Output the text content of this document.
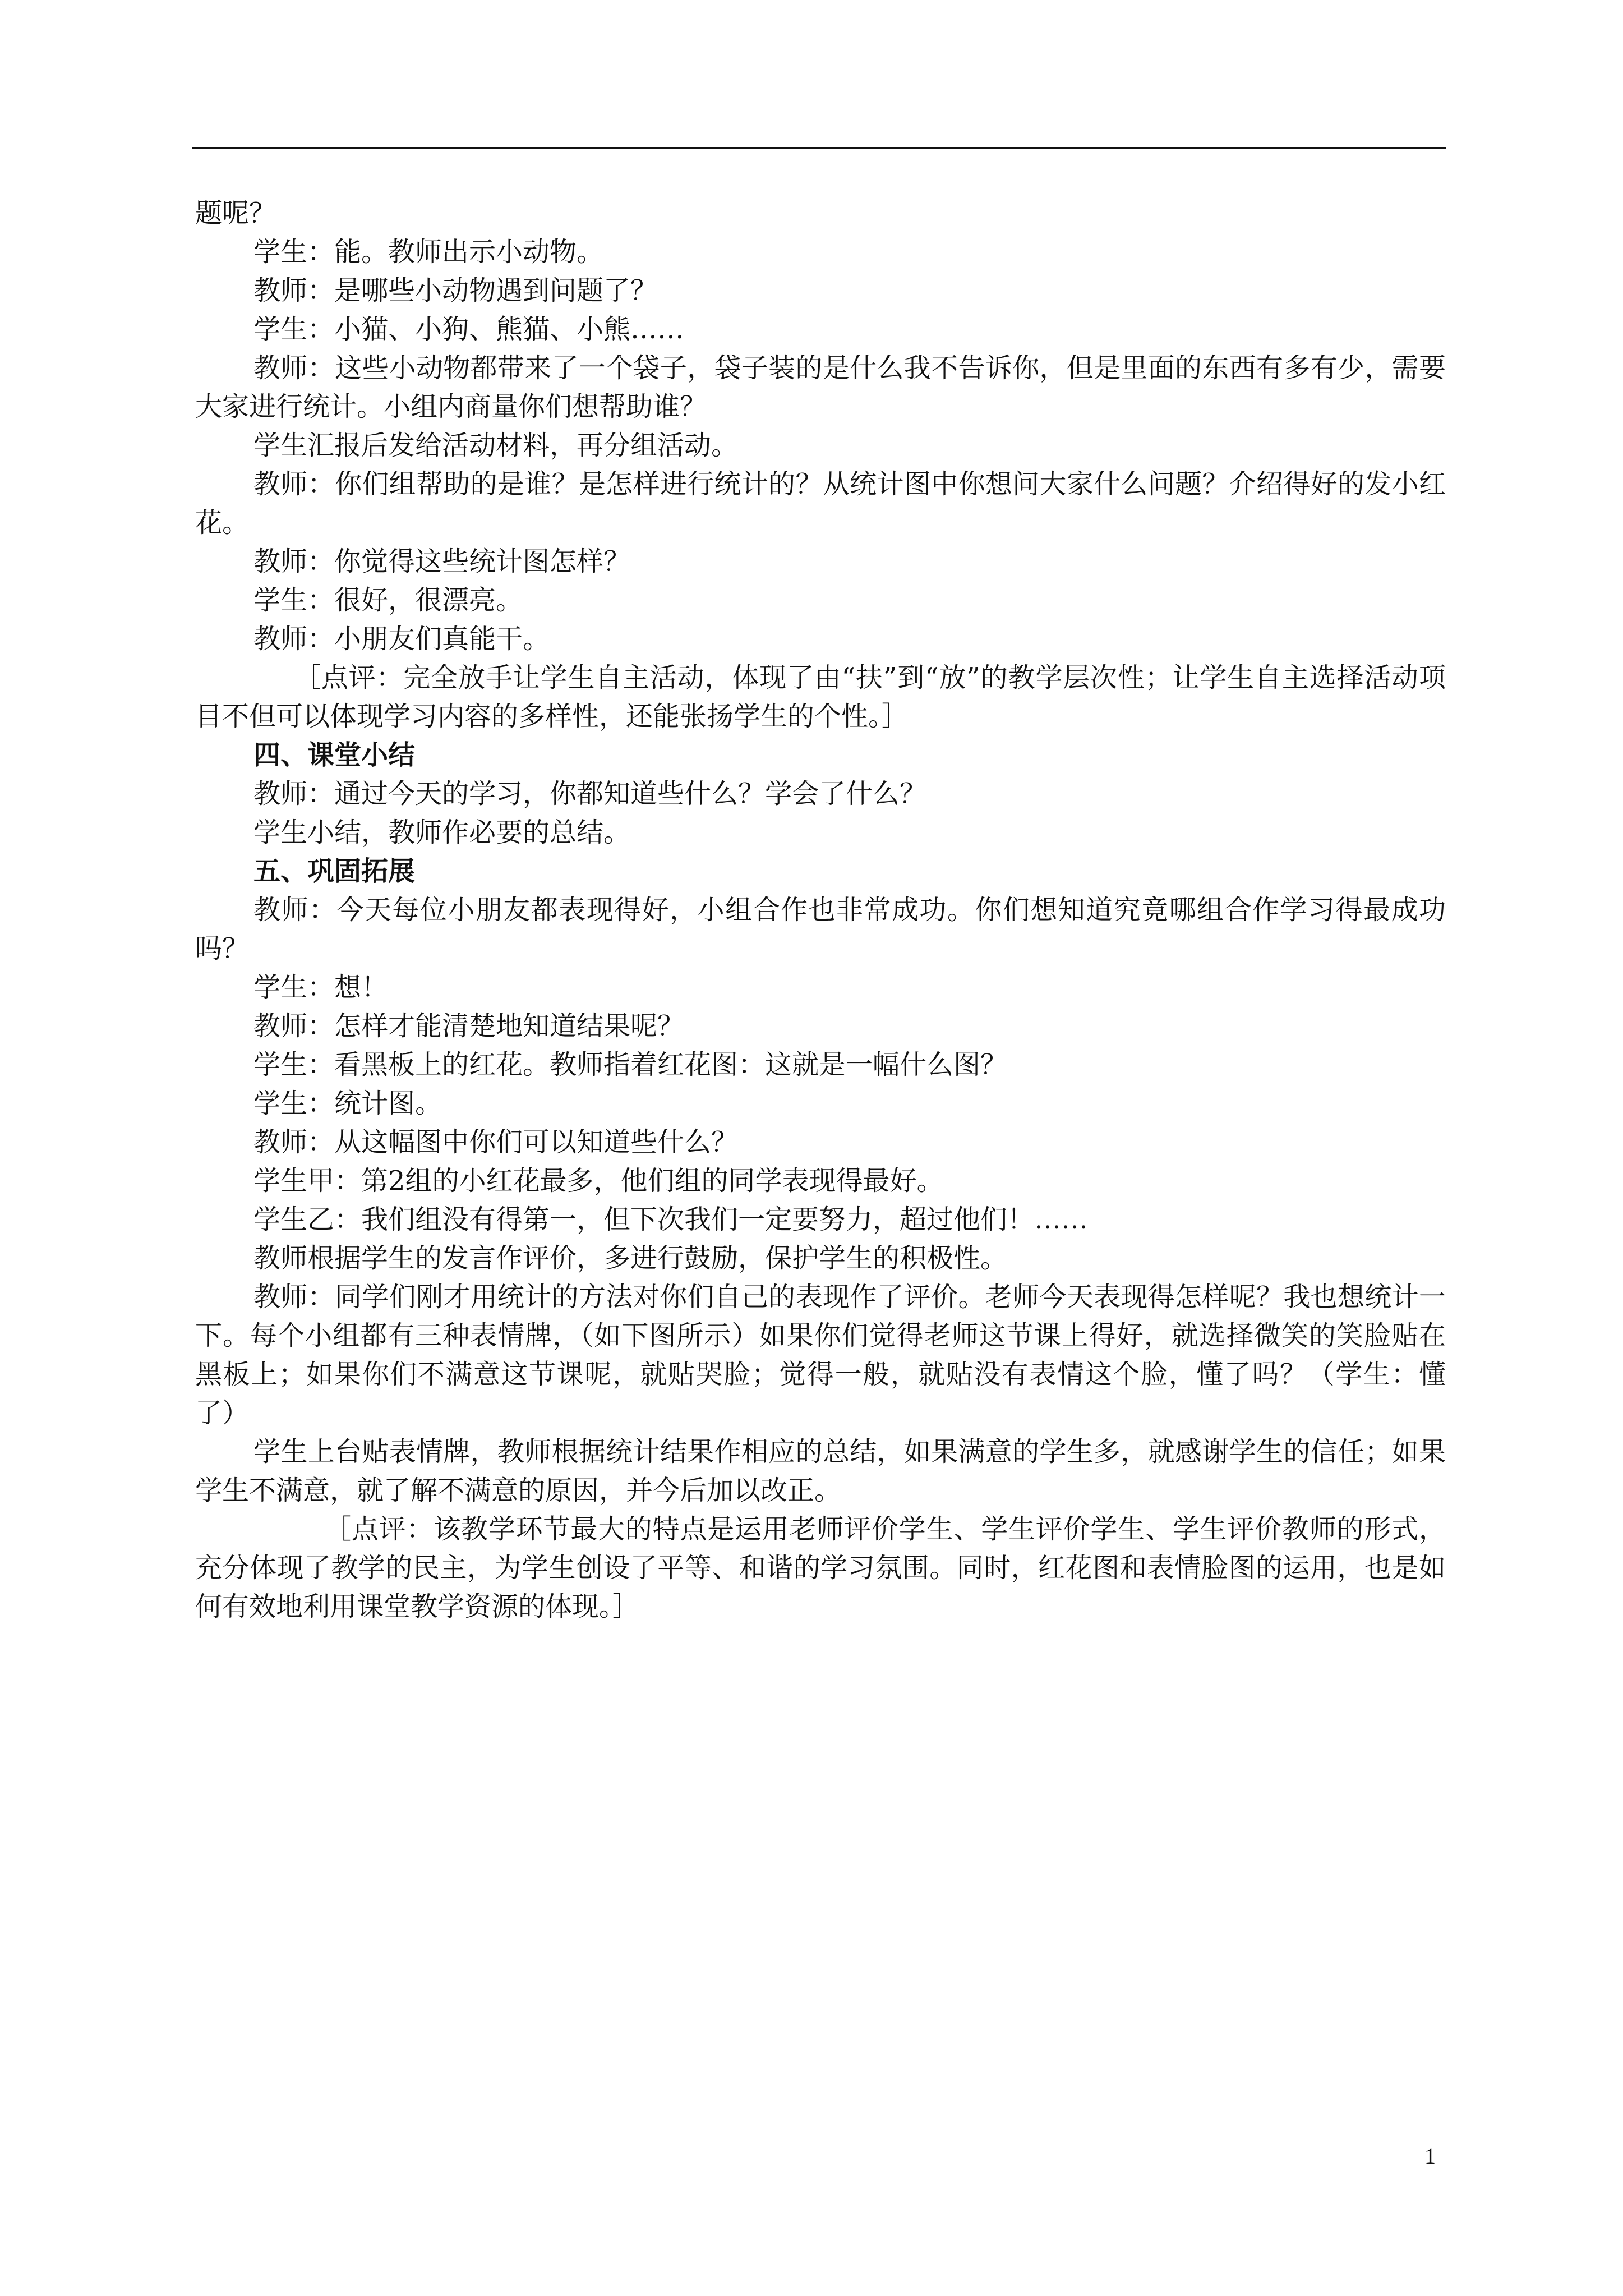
题呢？

学生：能。教师出示小动物。

教师：是哪些小动物遇到问题了？

学生：小猫、小狗、熊猫、小熊……

教师：这些小动物都带来了一个袋子，袋子装的是什么我不告诉你，但是里面的东西有多有少，需要大家进行统计。小组内商量你们想帮助谁？

学生汇报后发给活动材料，再分组活动。

教师：你们组帮助的是谁？是怎样进行统计的？从统计图中你想问大家什么问题？介绍得好的发小红花。

教师：你觉得这些统计图怎样？

学生：很好，很漂亮。

教师：小朋友们真能干。

［点评：完全放手让学生自主活动，体现了由“扶”到“放”的教学层次性；让学生自主选择活动项目不但可以体现学习内容的多样性，还能张扬学生的个性。］

四、课堂小结

教师：通过今天的学习，你都知道些什么？学会了什么？

学生小结，教师作必要的总结。

五、巩固拓展

教师：今天每位小朋友都表现得好，小组合作也非常成功。你们想知道究竟哪组合作学习得最成功吗？

学生：想！

教师：怎样才能清楚地知道结果呢？

学生：看黑板上的红花。教师指着红花图：这就是一幅什么图？

学生：统计图。

教师：从这幅图中你们可以知道些什么？

学生甲：第2组的小红花最多，他们组的同学表现得最好。

学生乙：我们组没有得第一，但下次我们一定要努力，超过他们！……

教师根据学生的发言作评价，多进行鼓励，保护学生的积极性。

教师：同学们刚才用统计的方法对你们自己的表现作了评价。老师今天表现得怎样呢？我也想统计一下。每个小组都有三种表情牌，（如下图所示）如果你们觉得老师这节课上得好，就选择微笑的笑脸贴在黑板上；如果你们不满意这节课呢，就贴哭脸；觉得一般，就贴没有表情这个脸，懂了吗？（学生：懂了）

学生上台贴表情牌，教师根据统计结果作相应的总结，如果满意的学生多，就感谢学生的信任；如果学生不满意，就了解不满意的原因，并今后加以改正。

［点评：该教学环节最大的特点是运用老师评价学生、学生评价学生、学生评价教师的形式，充分体现了教学的民主，为学生创设了平等、和谐的学习氛围。同时，红花图和表情脸图的运用，也是如何有效地利用课堂教学资源的体现。］

1
